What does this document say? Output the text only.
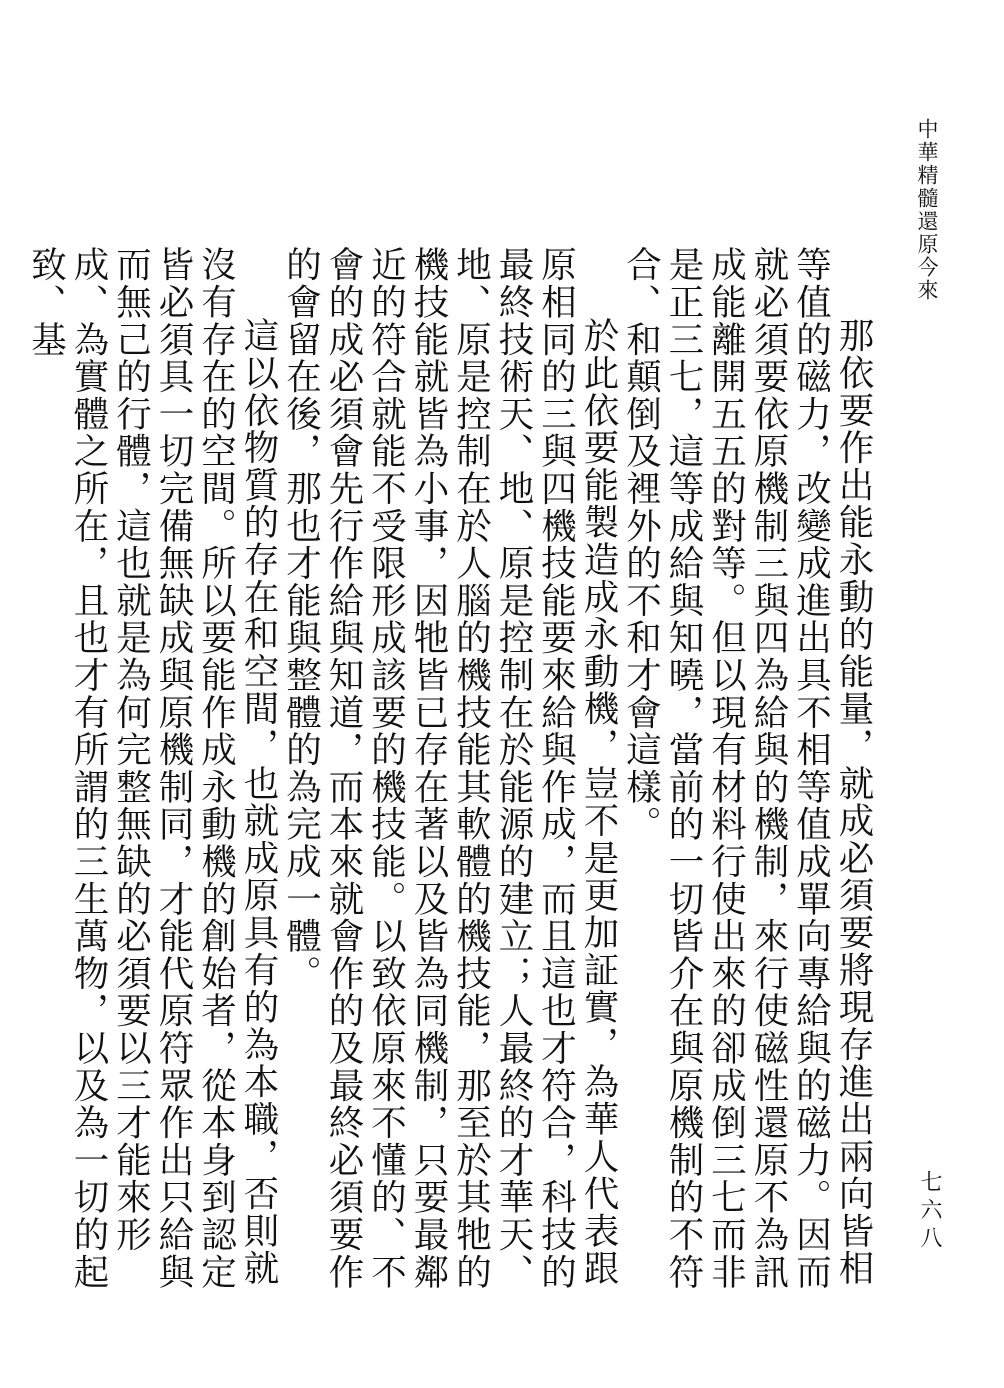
中華精髓還原今來

那依要作出能永動的能量，就成必須要將現存進出兩向皆相等值的磁力，改變成進出具不相等值成單向專給與的磁力。因而就必須要依原機制三與四為給與的機制，來行使磁性還原不為訊成能離開五五的對等。但以現有材料行使出來的卻成倒三七而非是正三七，這等成給與知曉，當前的一切皆介在與原機制的不符合、和顛倒及裡外的不和才會這樣。

於此依要能製造成永動機，豈不是更加証實，為華人代表跟原相同的三與四機技能要來給與作成，而且這也才符合，科技的最終技術天、地、原是控制在於能源的建立；人最終的才華天、地、原是控制在於人腦的機技能其軟體的機技能，那至於其牠的機技能就皆為小事，因牠皆已存在著以及皆為同機制，只要最鄰近的符合就能不受限形成該要的機技能。以致依原來不懂的、不會的成必須會先行作給與知道，而本來就會作的及最終必須要作的會留在後，那也才能與整體的為完成一體。

這以依物質的存在和空間，也就成原具有的為本職，否則就沒有存在的空間。所以要能作成永動機的創始者，從本身到認定皆必須具一切完備無缺成與原機制同，才能代原符眾作出只給與而無己的行體，這也就是為何完整無缺的必須要以三才能來形成、為實體之所在，且也才有所謂的三生萬物，以及為一切的起致、基

七六八
